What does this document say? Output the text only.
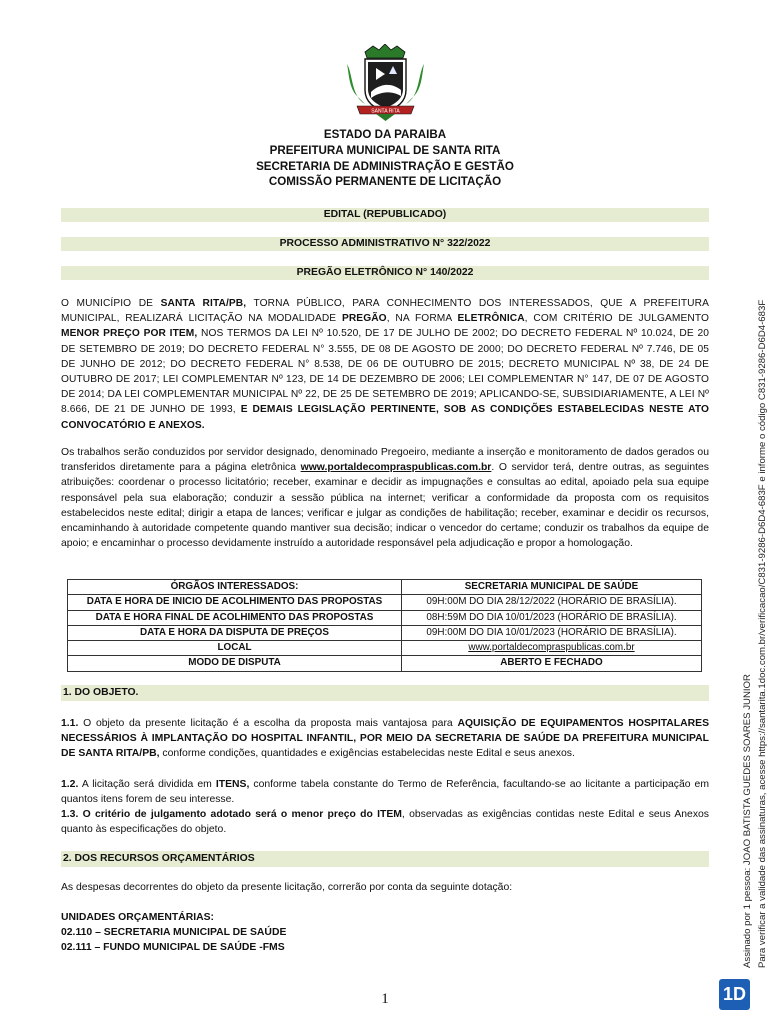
SANTA RITA
ESTADO DA PARAIBA
PREFEITURA MUNICIPAL DE SANTA RITA
SECRETARIA DE ADMINISTRAÇÃO E GESTÃO
COMISSÃO PERMANENTE DE LICITAÇÃO
EDITAL (REPUBLICADO)
PROCESSO ADMINISTRATIVO N° 322/2022
PREGÃO ELETRÔNICO N° 140/2022
O MUNICÍPIO DE SANTA RITA/PB, TORNA PÚBLICO, PARA CONHECIMENTO DOS INTERESSADOS, QUE A PREFEITURA MUNICIPAL, REALIZARÁ LICITAÇÃO NA MODALIDADE PREGÃO, NA FORMA ELETRÔNICA, COM CRITÉRIO DE JULGAMENTO MENOR PREÇO POR ITEM, NOS TERMOS DA LEI Nº 10.520, DE 17 DE JULHO DE 2002; DO DECRETO FEDERAL Nº 10.024, DE 20 DE SETEMBRO DE 2019; DO DECRETO FEDERAL N° 3.555, DE 08 DE AGOSTO DE 2000; DO DECRETO FEDERAL Nº 7.746, DE 05 DE JUNHO DE 2012; DO DECRETO FEDERAL N° 8.538, DE 06 DE OUTUBRO DE 2015; DECRETO MUNICIPAL Nº 38, DE 24 DE OUTUBRO DE 2017; LEI COMPLEMENTAR Nº 123, DE 14 DE DEZEMBRO DE 2006; LEI COMPLEMENTAR N° 147, DE 07 DE AGOSTO DE 2014; DA LEI COMPLEMENTAR MUNICIPAL Nº 22, DE 25 DE SETEMBRO DE 2019; APLICANDO-SE, SUBSIDIARIAMENTE, A LEI Nº 8.666, DE 21 DE JUNHO DE 1993, E DEMAIS LEGISLAÇÃO PERTINENTE, SOB AS CONDIÇÕES ESTABELECIDAS NESTE ATO CONVOCATÓRIO E ANEXOS.
Os trabalhos serão conduzidos por servidor designado, denominado Pregoeiro, mediante a inserção e monitoramento de dados gerados ou transferidos diretamente para a página eletrônica www.portaldecompraspublicas.com.br. O servidor terá, dentre outras, as seguintes atribuições: coordenar o processo licitatório; receber, examinar e decidir as impugnações e consultas ao edital, apoiado pela sua equipe responsável pela sua elaboração; conduzir a sessão pública na internet; verificar a conformidade da proposta com os requisitos estabelecidos neste edital; dirigir a etapa de lances; verificar e julgar as condições de habilitação; receber, examinar e decidir os recursos, encaminhando à autoridade competente quando mantiver sua decisão; indicar o vencedor do certame; conduzir os trabalhos da equipe de apoio; e encaminhar o processo devidamente instruído a autoridade responsável pela adjudicação e propor a homologação.
ÓRGÃOS INTERESSADOS:	SECRETARIA MUNICIPAL DE SAÚDE
DATA E HORA DE INICIO DE ACOLHIMENTO DAS PROPOSTAS	09H:00M DO DIA 28/12/2022 (HORÁRIO DE BRASÍLIA).
DATA E HORA FINAL DE ACOLHIMENTO DAS PROPOSTAS	08H:59M DO DIA 10/01/2023 (HORÁRIO DE BRASÍLIA).
DATA E HORA DA DISPUTA DE PREÇOS	09H:00M DO DIA 10/01/2023 (HORÁRIO DE BRASÍLIA).
LOCAL	www.portaldecompraspublicas.com.br
MODO DE DISPUTA	ABERTO E FECHADO
1. DO OBJETO.
1.1. O objeto da presente licitação é a escolha da proposta mais vantajosa para AQUISIÇÃO DE EQUIPAMENTOS HOSPITALARES NECESSÁRIOS À IMPLANTAÇÃO DO HOSPITAL INFANTIL, POR MEIO DA SECRETARIA DE SAÚDE DA PREFEITURA MUNICIPAL DE SANTA RITA/PB, conforme condições, quantidades e exigências estabelecidas neste Edital e seus anexos.
1.2. A licitação será dividida em ITENS, conforme tabela constante do Termo de Referência, facultando-se ao licitante a participação em quantos itens forem de seu interesse.
1.3. O critério de julgamento adotado será o menor preço do ITEM, observadas as exigências contidas neste Edital e seus Anexos quanto às especificações do objeto.
2. DOS RECURSOS ORÇAMENTÁRIOS
As despesas decorrentes do objeto da presente licitação, correrão por conta da seguinte dotação:
UNIDADES ORÇAMENTÁRIAS:
02.110 – SECRETARIA MUNICIPAL DE SAÚDE
02.111 – FUNDO MUNICIPAL DE SAÚDE -FMS
1
Assinado por 1 pessoa: JOAO BATISTA GUEDES SOARES JUNIOR Para verificar a validade das assinaturas, acesse https://santarita.1doc.com.br/verificacao/C831-9286-D6D4-683F e informe o código C831-9286-D6D4-683F
1D
